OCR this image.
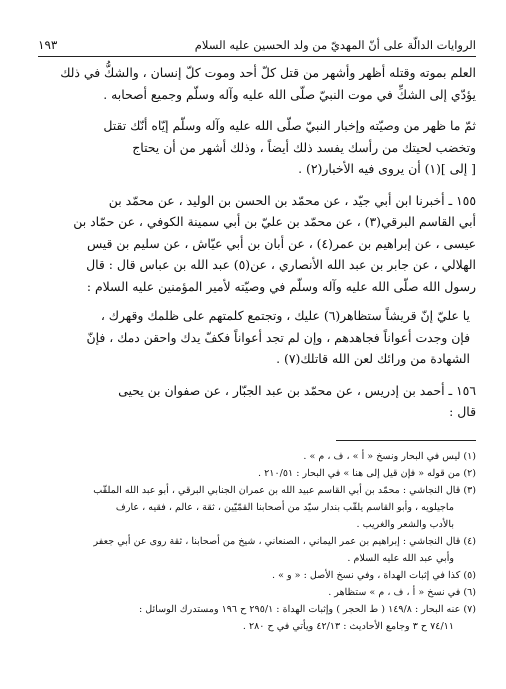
الروايات الدالّة على أنّ المهديّ من ولد الحسين عليه السلام
١٩٣

العلم بموته وقتله أظهر وأشهر من قتل كلّ أحد وموت كلّ إنسان ، والشكُّ في ذلك

يؤدّي إلى الشكِّ في موت النبيّ صلّى الله عليه وآله وسلّم وجميع أصحابه .

ثمّ ما ظهر من وصيّته وإخبار النبيّ صلّى الله عليه وآله وسلّم إيّاه أنّك تقتل

وتخضب لحيتك من رأسك يفسد ذلك أيضاً ، وذلك أشهر من أن يحتاج

[ إلى ](١) أن يروى فيه الأخبار(٢) .

١٥٥ ـ أخبرنا ابن أبي جيّد ، عن محمّد بن الحسن بن الوليد ، عن محمّد بن

أبي القاسم البرقي(٣) ، عن محمّد بن عليّ بن أبي سمينة الكوفي ، عن حمّاد بن

عيسى ، عن إبراهيم بن عمر(٤) ، عن أبان بن أبي عيّاش ، عن سليم بن قيس

الهلالي ، عن جابر بن عبد الله الأنصاري ، عن(٥) عبد الله بن عباس قال : قال

رسول الله صلّى الله عليه وآله وسلّم في وصيّته لأمير المؤمنين عليه السلام :

يا عليّ إنّ قريشاً ستظاهر(٦) عليك ، وتجتمع كلمتهم على ظلمك وقهرك ،

فإن وجدت أعواناً فجاهدهم ، وإن لم تجد أعواناً فكفّ يدك واحقن دمك ، فإنّ

الشهادة من ورائك لعن الله قاتلك(٧) .

١٥٦ ـ أحمد بن إدريس ، عن محمّد بن عبد الجبّار ، عن صفوان بن يحيى

قال :

(١) ليس في البحار ونسخ « أ » ، ف ، م » .

(٢) من قوله « فإن قيل إلى هنا » في البحار : ٢١٠/٥١ .

(٣) قال النجاشي : محمّد بن أبي القاسم عبيد الله بن عمران الجنابي البرقي ، أبو عبد الله الملقّب

ماجيلويه ، وأبو القاسم يلقّب بندار سيّد من أصحابنا القمّيّين ، ثقة ، عالم ، فقيه ، عارف

بالأدب والشعر والغريب .

(٤) قال النجاشي : إبراهيم بن عمر اليماني ، الصنعاني ، شيخ من أصحابنا ، ثقة روى عن أبي جعفر

وأبي عبد الله عليه السلام .

(٥) كذا في إثبات الهداة ، وفي نسخ الأصل : « و » .

(٦) في نسخ « أ ، ف ، م » ستظاهر .

(٧) عنه البحار : ١٤٩/٨ ( ط الحجر ) وإثبات الهداة : ٢٩٥/١ ح ١٩٦ ومستدرك الوسائل :

٧٤/١١ ح ٣ وجامع الأحاديث : ٤٢/١٣ ويأتي في ح ٢٨٠ .
